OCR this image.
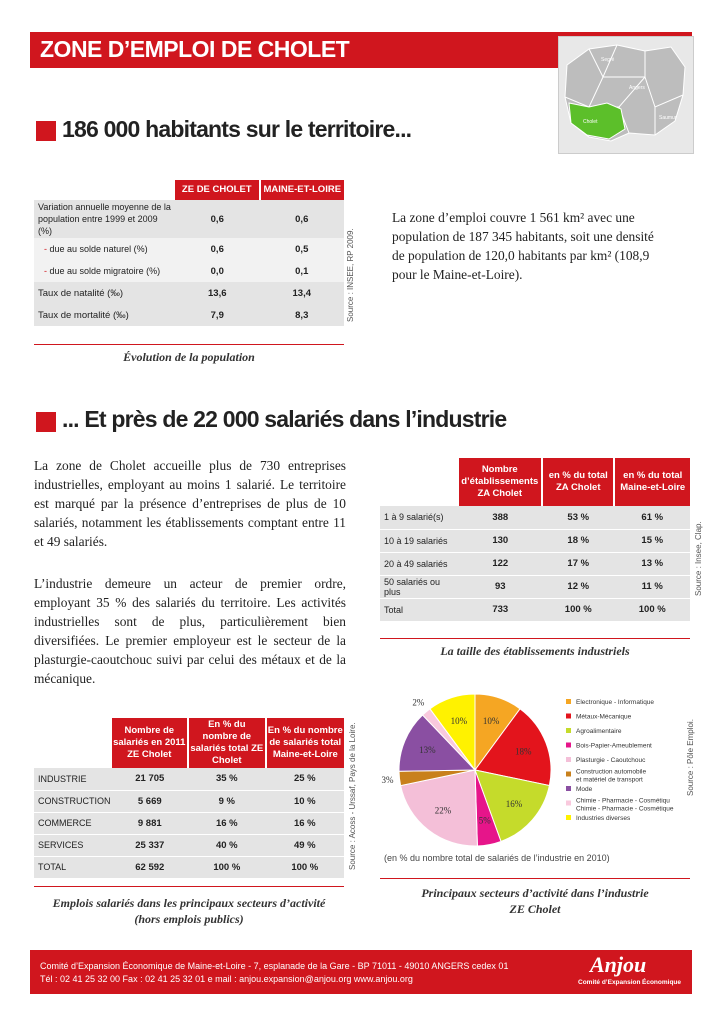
ZONE D’EMPLOI DE CHOLET	Segré
Angers
Cholet
Saumur
186 000 habitants sur le territoire...
	ZE DE CHOLET	MAINE-ET-LOIRE
Variation annuelle moyenne de la population entre 1999 et 2009 (%)	0,6	0,6
- due au solde naturel (%)	0,6	0,5
- due au solde migratoire (%)	0,0	0,1
Taux de natalité (‰)	13,6	13,4
Taux de mortalité (‰)	7,9	8,3	Source : INSEE, RP 2009.
Évolution de la population
La zone d’emploi couvre 1 561 km² avec une population de 187 345 habitants, soit une densité de population de 120,0 habitants par km² (108,9 pour le Maine-et-Loire).
... Et près de 22 000 salariés dans l’industrie
La zone de Cholet accueille plus de 730 entreprises industrielles, employant au moins 1 salarié. Le territoire est marqué par la présence d’entreprises de plus de 10 salariés, notamment les établissements comptant entre 11 et 49 salariés.
L’industrie demeure un acteur de premier ordre, employant 35 % des salariés du territoire. Les activités industrielles sont de plus, particulièrement bien diversifiées. Le premier employeur est le secteur de la plasturgie-caoutchouc suivi par celui des métaux et de la mécanique.
	Nombre d’établissements ZA Cholet	en % du total ZA Cholet	en % du total Maine-et-Loire
1 à 9 salarié(s)	388	53 %	61 %
10 à 19 salariés	130	18 %	15 %
20 à 49 salariés	122	17 %	13 %
50 salariés ou plus	93	12 %	11 %
Total	733	100 %	100 %
Source : Insee, Clap.
La taille des établissements industriels
	Nombre de salariés en 2011 ZE Cholet	En % du nombre de salariés total ZE Cholet	En % du nombre de salariés total Maine-et-Loire
INDUSTRIE	21 705	35 %	25 %
CONSTRUCTION	5 669	9 %	10 %
COMMERCE	9 881	16 %	16 %
SERVICES	25 337	40 %	49 %
TOTAL	62 592	100 %	100 %	Source : Acoss - Urssaf, Pays de la Loire.
Emplois salariés dans les principaux secteurs d’activité
(hors emplois publics)
10%
Electronique - Informatique
18%
Métaux-Mécanique
16%
Agroalimentaire
5%
Bois-Papier-Ameublement
22%
Plasturgie - Caoutchouc
3%
Construction automobile
et matériel de transport
13%
Mode
2%
Chimie - Pharmacie - Cosmétiqu
Chimie - Pharmacie - Cosmétique
10%
Industries diverses
Source : Pôle Emploi.
(en % du nombre total de salariés de l’industrie en 2010)
Principaux secteurs d’activité dans l’industrie
ZE Cholet
Comité d’Expansion Économique de Maine-et-Loire - 7, esplanade de la Gare - BP 71011 - 49010 ANGERS cedex 01
Tél : 02 41 25 32 00 Fax : 02 41 25 32 01 e mail : anjou.expansion@anjou.org www.anjou.org
Anjou
Comité d’Expansion Économique
